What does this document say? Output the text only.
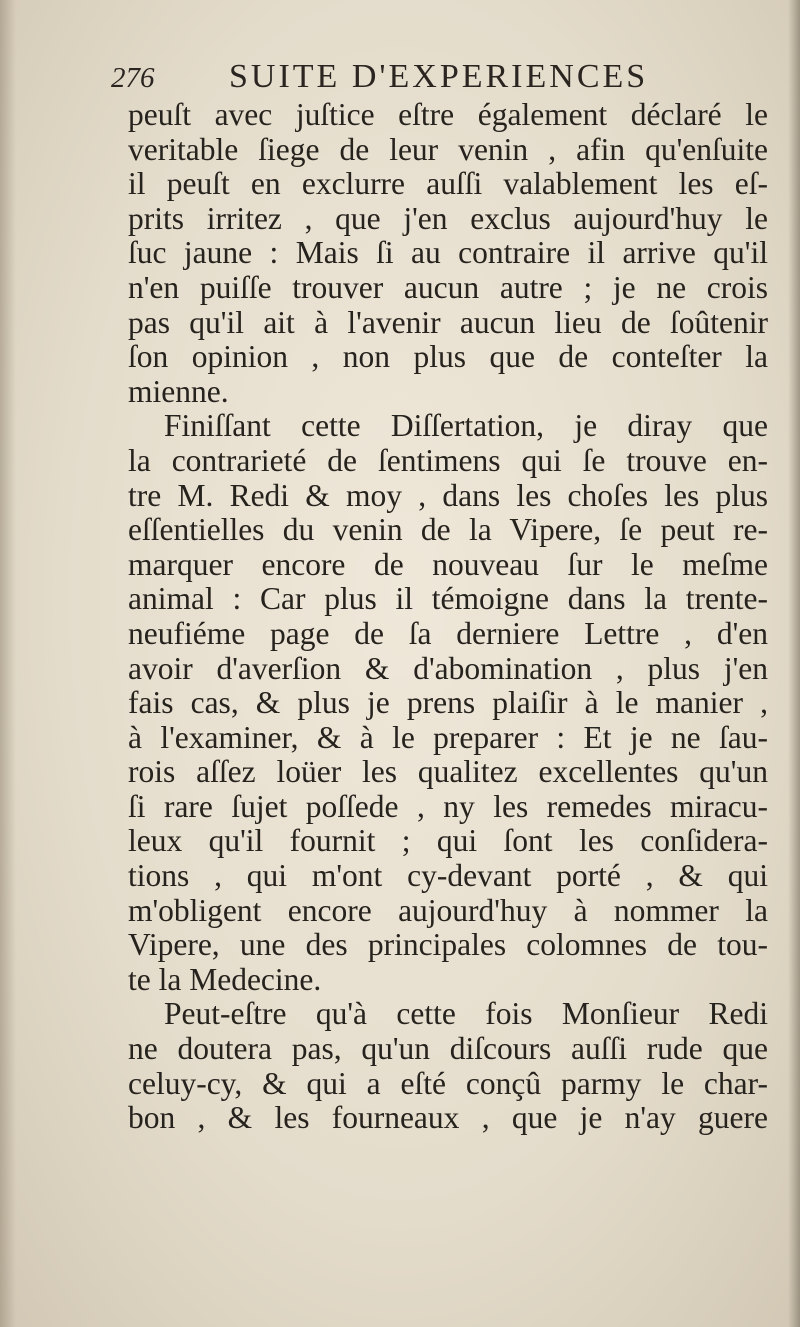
276 SUITE D'EXPERIENCES

peuſt avec juſtice eſtre également déclaré le
veritable ſiege de leur venin , afin qu'enſuite
il peuſt en exclurre auſſi valablement les eſ-
prits irritez , que j'en exclus aujourd'huy le
ſuc jaune : Mais ſi au contraire il arrive qu'il
n'en puiſſe trouver aucun autre ; je ne crois
pas qu'il ait à l'avenir aucun lieu de ſoûtenir
ſon opinion , non plus que de conteſter la
mienne.

Finiſſant cette Diſſertation, je diray que
la contrarieté de ſentimens qui ſe trouve en-
tre M. Redi & moy , dans les choſes les plus
eſſentielles du venin de la Vipere, ſe peut re-
marquer encore de nouveau ſur le meſme
animal : Car plus il témoigne dans la trente-
neufiéme page de ſa derniere Lettre , d'en
avoir d'averſion & d'abomination , plus j'en
fais cas, & plus je prens plaiſir à le manier ,
à l'examiner, & à le preparer : Et je ne ſau-
rois aſſez loüer les qualitez excellentes qu'un
ſi rare ſujet poſſede , ny les remedes miracu-
leux qu'il fournit ; qui ſont les conſidera-
tions , qui m'ont cy-devant porté , & qui
m'obligent encore aujourd'huy à nommer la
Vipere, une des principales colomnes de tou-
te la Medecine.

Peut-eſtre qu'à cette fois Monſieur Redi
ne doutera pas, qu'un diſcours auſſi rude que
celuy-cy, & qui a eſté conçû parmy le char-
bon , & les fourneaux , que je n'ay guere
